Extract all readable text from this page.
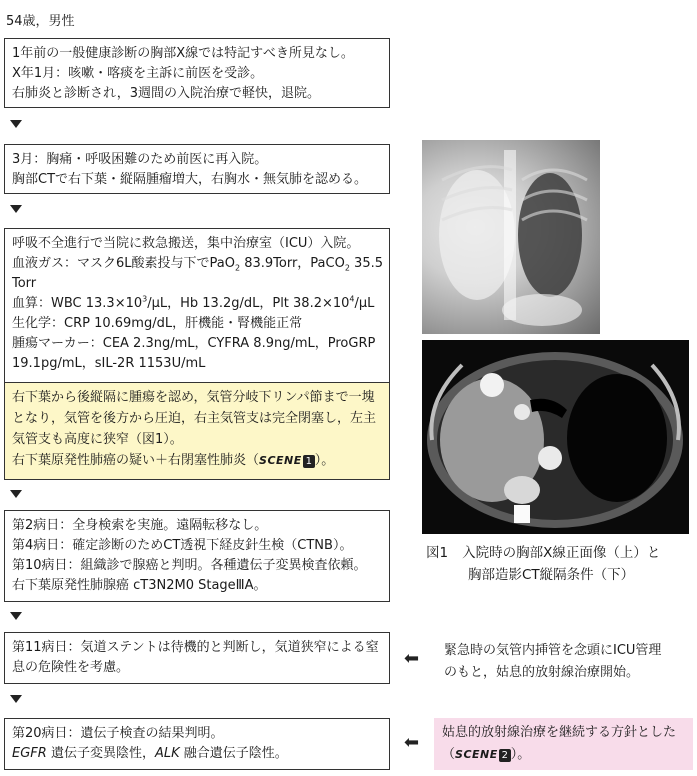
54歳，男性
1年前の一般健康診断の胸部X線では特記すべき所見なし。
X年1月：咳嗽・喀痰を主訴に前医を受診。
右肺炎と診断され，3週間の入院治療で軽快，退院。
3月：胸痛・呼吸困難のため前医に再入院。
胸部CTで右下葉・縦隔腫瘤増大，右胸水・無気肺を認める。
呼吸不全進行で当院に救急搬送，集中治療室（ICU）入院。
血液ガス：マスク6L酸素投与下でPaO$_2$ 83.9Torr，PaCO$_2$ 35.5
Torr
血算：WBC $13.3\times 10^3/\mu L$，Hb 13.2g/dL，Plt $38.2\times 10^4/\mu L$
生化学：CRP 10.69mg/dL，肝機能・腎機能正常
腫瘍マーカー：CEA 2.3ng/mL，CYFRA 8.9ng/mL，ProGRP
19.1pg/mL，sIL-2R 1153U/mL
右下葉から後縦隔に腫瘍を認め，気管分岐下リンパ節まで一塊
となり，気管を後方から圧迫，右主気管支は完全閉塞し，左主
気管支も高度に狭窄（図1）。
右下葉原発性肺癌の疑い＋右閉塞性肺炎（SCENE 1 ）。
第2病日：全身検索を実施。遠隔転移なし。
第4病日：確定診断のためCT透視下経皮針生検（CTNB）。
第10病日：組織診で腺癌と判明。各種遺伝子変異検査依頼。
右下葉原発性肺腺癌 cT3N2M0 StageⅢA。
第11病日：気道ステントは待機的と判断し，気道狭窄による窒
息の危険性を考慮。
第20病日：遺伝子検査の結果判明。
EGFR 遺伝子変異陰性，ALK 融合遺伝子陰性。
⬅ 緊急時の気管内挿管を念頭にICU管理
のもと，姑息的放射線治療開始。
⬅ 姑息的放射線治療を継続する方針とした
（SCENE 2 ）。
図1 入院時の胸部X線正面像（上）と
胸部造影CT縦隔条件（下）
